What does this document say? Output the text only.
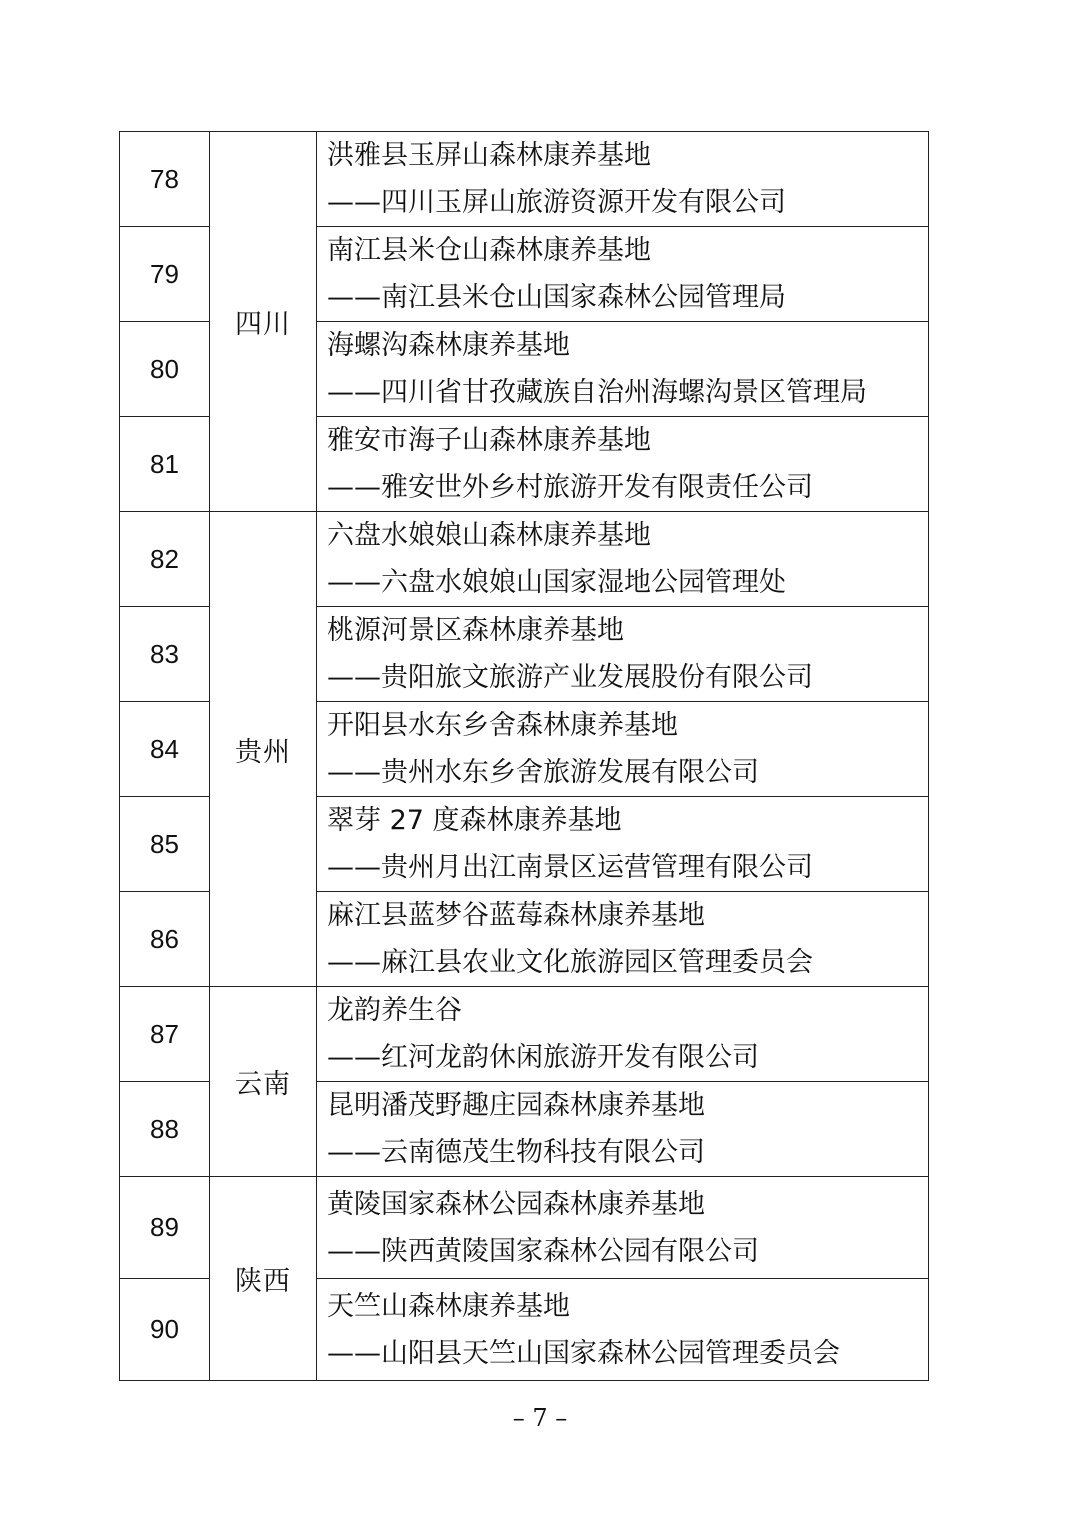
78	四川	洪雅县玉屏山森林康养基地
——四川玉屏山旅游资源开发有限公司

79		南江县米仓山森林康养基地
——南江县米仓山国家森林公园管理局

80		海螺沟森林康养基地
——四川省甘孜藏族自治州海螺沟景区管理局

81		雅安市海子山森林康养基地
——雅安世外乡村旅游开发有限责任公司

82	贵州	六盘水娘娘山森林康养基地
——六盘水娘娘山国家湿地公园管理处

83		桃源河景区森林康养基地
——贵阳旅文旅游产业发展股份有限公司

84		开阳县水东乡舍森林康养基地
——贵州水东乡舍旅游发展有限公司

85		翠芽 27 度森林康养基地
——贵州月出江南景区运营管理有限公司

86		麻江县蓝梦谷蓝莓森林康养基地
——麻江县农业文化旅游园区管理委员会

87	云南	龙韵养生谷
——红河龙韵休闲旅游开发有限公司

88		昆明潘茂野趣庄园森林康养基地
——云南德茂生物科技有限公司

89	陕西	黄陵国家森林公园森林康养基地
——陕西黄陵国家森林公园有限公司

90		天竺山森林康养基地
——山阳县天竺山国家森林公园管理委员会
– 7 –
